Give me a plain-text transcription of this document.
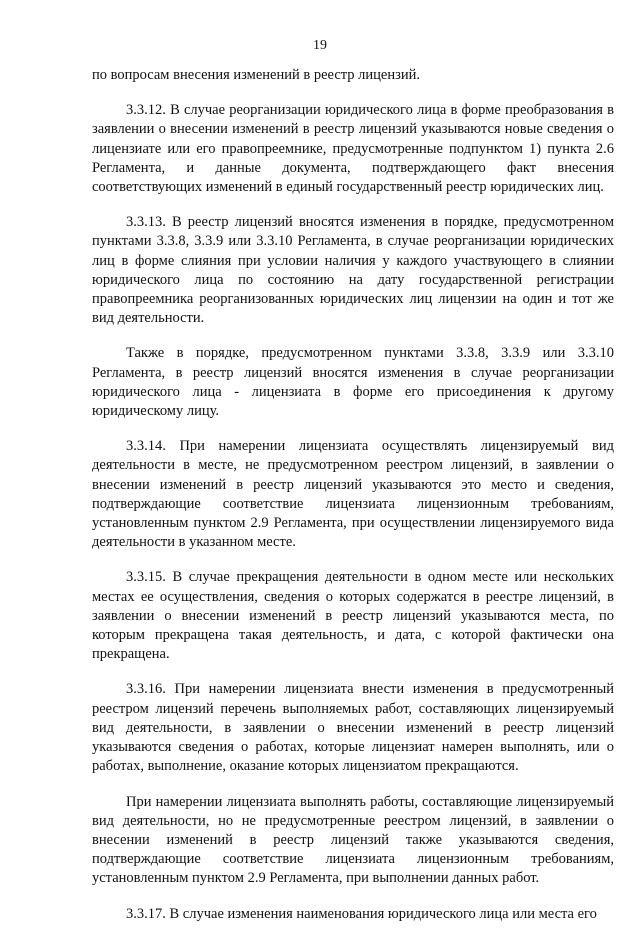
19

по вопросам внесения изменений в реестр лицензий.

3.3.12. В случае реорганизации юридического лица в форме преобразования в заявлении о внесении изменений в реестр лицензий указываются новые сведения о лицензиате или его правопреемнике, предусмотренные подпунктом 1) пункта 2.6 Регламента, и данные документа, подтверждающего факт внесения соответствующих изменений в единый государственный реестр юридических лиц.

3.3.13. В реестр лицензий вносятся изменения в порядке, предусмотренном пунктами 3.3.8, 3.3.9 или 3.3.10 Регламента, в случае реорганизации юридических лиц в форме слияния при условии наличия у каждого участвующего в слиянии юридического лица по состоянию на дату государственной регистрации правопреемника реорганизованных юридических лиц лицензии на один и тот же вид деятельности.

Также в порядке, предусмотренном пунктами 3.3.8, 3.3.9 или 3.3.10 Регламента, в реестр лицензий вносятся изменения в случае реорганизации юридического лица - лицензиата в форме его присоединения к другому юридическому лицу.

3.3.14. При намерении лицензиата осуществлять лицензируемый вид деятельности в месте, не предусмотренном реестром лицензий, в заявлении о внесении изменений в реестр лицензий указываются это место и сведения, подтверждающие соответствие лицензиата лицензионным требованиям, установленным пунктом 2.9 Регламента, при осуществлении лицензируемого вида деятельности в указанном месте.

3.3.15. В случае прекращения деятельности в одном месте или нескольких местах ее осуществления, сведения о которых содержатся в реестре лицензий, в заявлении о внесении изменений в реестр лицензий указываются места, по которым прекращена такая деятельность, и дата, с которой фактически она прекращена.

3.3.16. При намерении лицензиата внести изменения в предусмотренный реестром лицензий перечень выполняемых работ, составляющих лицензируемый вид деятельности, в заявлении о внесении изменений в реестр лицензий указываются сведения о работах, которые лицензиат намерен выполнять, или о работах, выполнение, оказание которых лицензиатом прекращаются.

При намерении лицензиата выполнять работы, составляющие лицензируемый вид деятельности, но не предусмотренные реестром лицензий, в заявлении о внесении изменений в реестр лицензий также указываются сведения, подтверждающие соответствие лицензиата лицензионным требованиям, установленным пунктом 2.9 Регламента, при выполнении данных работ.

3.3.17. В случае изменения наименования юридического лица или места его
